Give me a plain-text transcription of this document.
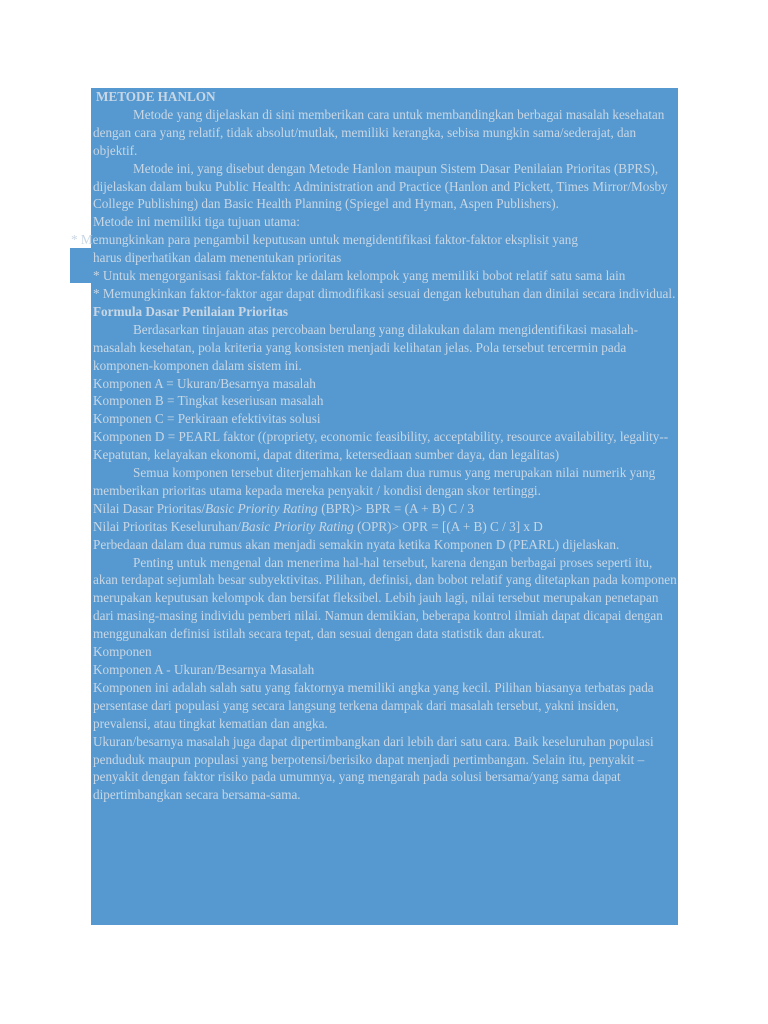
METODE HANLON

Metode yang dijelaskan di sini memberikan cara untuk membandingkan berbagai masalah kesehatan dengan cara yang relatif, tidak absolut/mutlak, memiliki kerangka, sebisa mungkin sama/sederajat, dan objektif.

Metode ini, yang disebut dengan Metode Hanlon maupun Sistem Dasar Penilaian Prioritas (BPRS), dijelaskan dalam buku Public Health: Administration and Practice (Hanlon and Pickett, Times Mirror/Mosby College Publishing) dan Basic Health Planning (Spiegel and Hyman, Aspen Publishers).

Metode ini memiliki tiga tujuan utama:

* Memungkinkan para pengambil keputusan untuk mengidentifikasi faktor-faktor eksplisit yang
harus diperhatikan dalam menentukan prioritas

* Untuk mengorganisasi faktor-faktor ke dalam kelompok yang memiliki bobot relatif satu sama lain

* Memungkinkan faktor-faktor agar dapat dimodifikasi sesuai dengan kebutuhan dan dinilai secara individual.

Formula Dasar Penilaian Prioritas

Berdasarkan tinjauan atas percobaan berulang yang dilakukan dalam mengidentifikasi masalah-masalah kesehatan, pola kriteria yang konsisten menjadi kelihatan jelas. Pola tersebut tercermin pada komponen-komponen dalam sistem ini.

Komponen A = Ukuran/Besarnya masalah

Komponen B = Tingkat keseriusan masalah

Komponen C = Perkiraan efektivitas solusi

Komponen D = PEARL faktor ((propriety, economic feasibility, acceptability, resource availability, legality--Kepatutan, kelayakan ekonomi, dapat diterima, ketersediaan sumber daya, dan legalitas)

Semua komponen tersebut diterjemahkan ke dalam dua rumus yang merupakan nilai numerik yang memberikan prioritas utama kepada mereka penyakit / kondisi dengan skor tertinggi.

Nilai Dasar Prioritas/Basic Priority Rating (BPR)> BPR = (A + B) C / 3

Nilai Prioritas Keseluruhan/Basic Priority Rating (OPR)> OPR = [(A + B) C / 3] x D

Perbedaan dalam dua rumus akan menjadi semakin nyata ketika Komponen D (PEARL) dijelaskan.

Penting untuk mengenal dan menerima hal-hal tersebut, karena dengan berbagai proses seperti itu, akan terdapat sejumlah besar subyektivitas. Pilihan, definisi, dan bobot relatif yang ditetapkan pada komponen merupakan keputusan kelompok dan bersifat fleksibel. Lebih jauh lagi, nilai tersebut merupakan penetapan dari masing-masing individu pemberi nilai. Namun demikian, beberapa kontrol ilmiah dapat dicapai dengan menggunakan definisi istilah secara tepat, dan sesuai dengan data statistik dan akurat.

Komponen

Komponen A - Ukuran/Besarnya Masalah

Komponen ini adalah salah satu yang faktornya memiliki angka yang kecil. Pilihan biasanya terbatas pada persentase dari populasi yang secara langsung terkena dampak dari masalah tersebut, yakni insiden, prevalensi, atau tingkat kematian dan angka.

Ukuran/besarnya masalah juga dapat dipertimbangkan dari lebih dari satu cara. Baik keseluruhan populasi penduduk maupun populasi yang berpotensi/berisiko dapat menjadi pertimbangan. Selain itu, penyakit –penyakit dengan faktor risiko pada umumnya, yang mengarah pada solusi bersama/yang sama dapat dipertimbangkan secara bersama-sama.
